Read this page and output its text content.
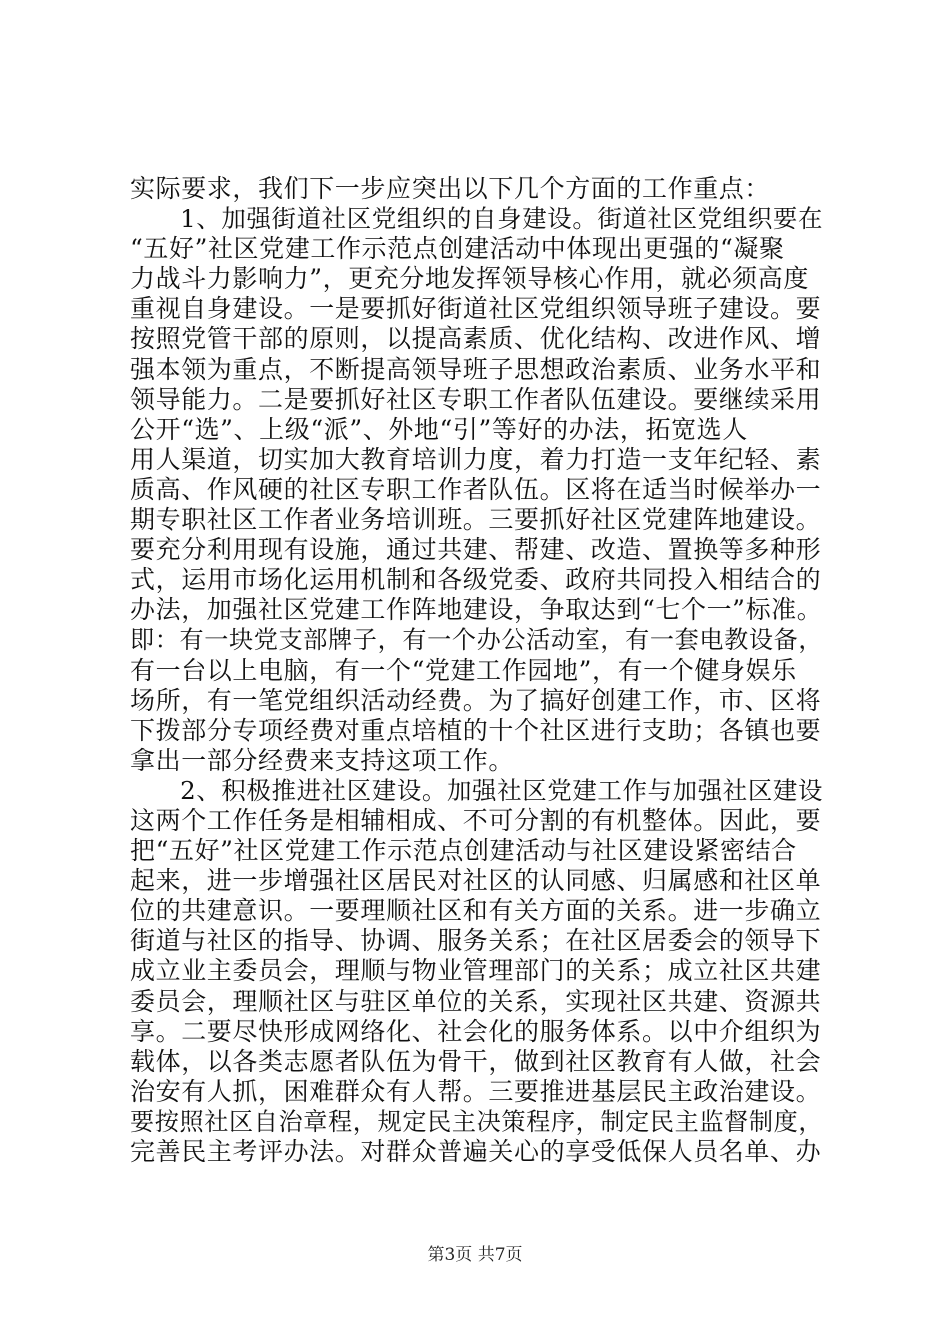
实际要求，我们下一步应突出以下几个方面的工作重点：
　　1、加强街道社区党组织的自身建设。街道社区党组织要在
“五好”社区党建工作示范点创建活动中体现出更强的“凝聚
力战斗力影响力”，更充分地发挥领导核心作用，就必须高度
重视自身建设。一是要抓好街道社区党组织领导班子建设。要
按照党管干部的原则，以提高素质、优化结构、改进作风、增
强本领为重点，不断提高领导班子思想政治素质、业务水平和
领导能力。二是要抓好社区专职工作者队伍建设。要继续采用
公开“选”、上级“派”、外地“引”等好的办法，拓宽选人
用人渠道，切实加大教育培训力度，着力打造一支年纪轻、素
质高、作风硬的社区专职工作者队伍。区将在适当时候举办一
期专职社区工作者业务培训班。三要抓好社区党建阵地建设。
要充分利用现有设施，通过共建、帮建、改造、置换等多种形
式，运用市场化运用机制和各级党委、政府共同投入相结合的
办法，加强社区党建工作阵地建设，争取达到“七个一”标准。
即：有一块党支部牌子，有一个办公活动室，有一套电教设备，
有一台以上电脑，有一个“党建工作园地”，有一个健身娱乐
场所，有一笔党组织活动经费。为了搞好创建工作，市、区将
下拨部分专项经费对重点培植的十个社区进行支助；各镇也要
拿出一部分经费来支持这项工作。
　　2、积极推进社区建设。加强社区党建工作与加强社区建设
这两个工作任务是相辅相成、不可分割的有机整体。因此，要
把“五好”社区党建工作示范点创建活动与社区建设紧密结合
起来，进一步增强社区居民对社区的认同感、归属感和社区单
位的共建意识。一要理顺社区和有关方面的关系。进一步确立
街道与社区的指导、协调、服务关系；在社区居委会的领导下
成立业主委员会，理顺与物业管理部门的关系；成立社区共建
委员会，理顺社区与驻区单位的关系，实现社区共建、资源共
享。二要尽快形成网络化、社会化的服务体系。以中介组织为
载体，以各类志愿者队伍为骨干，做到社区教育有人做，社会
治安有人抓，困难群众有人帮。三要推进基层民主政治建设。
要按照社区自治章程，规定民主决策程序，制定民主监督制度，
完善民主考评办法。对群众普遍关心的享受低保人员名单、办
第3页 共7页
